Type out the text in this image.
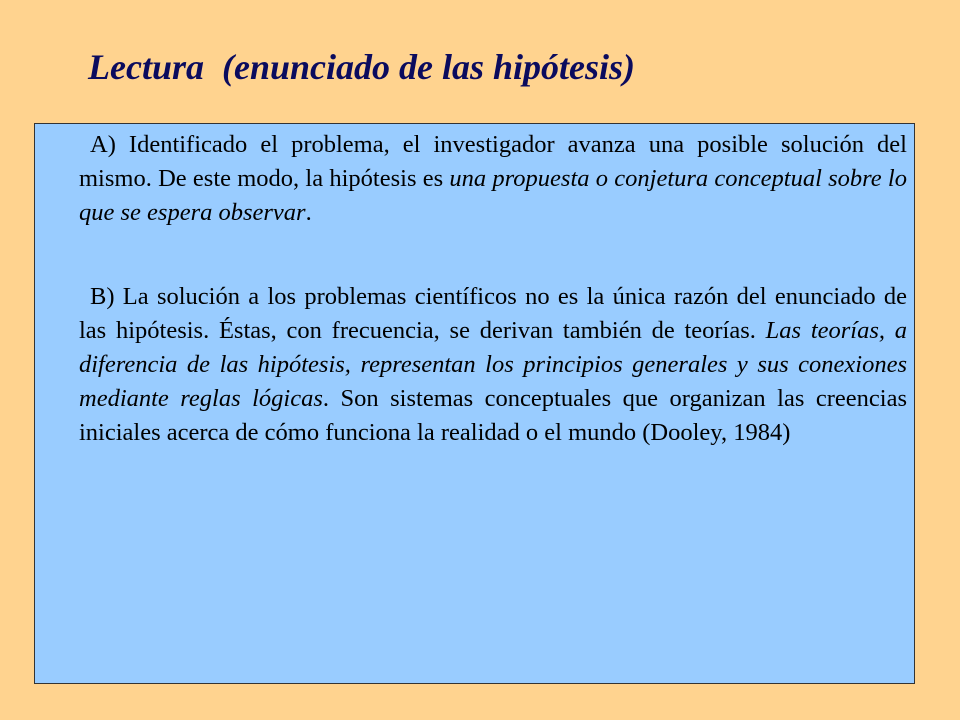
Lectura  (enunciado de las hipótesis)

A) Identificado el problema, el investigador avanza una posible solución del mismo. De este modo, la hipótesis es una propuesta o conjetura conceptual sobre lo que se espera observar.

B) La solución a los problemas científicos no es la única razón del enunciado de las hipótesis. Éstas, con frecuencia, se derivan también de teorías. Las teorías, a diferencia de las hipótesis, representan los principios generales y sus conexiones mediante reglas lógicas. Son sistemas conceptuales que organizan las creencias iniciales acerca de cómo funciona la realidad o el mundo (Dooley, 1984)
